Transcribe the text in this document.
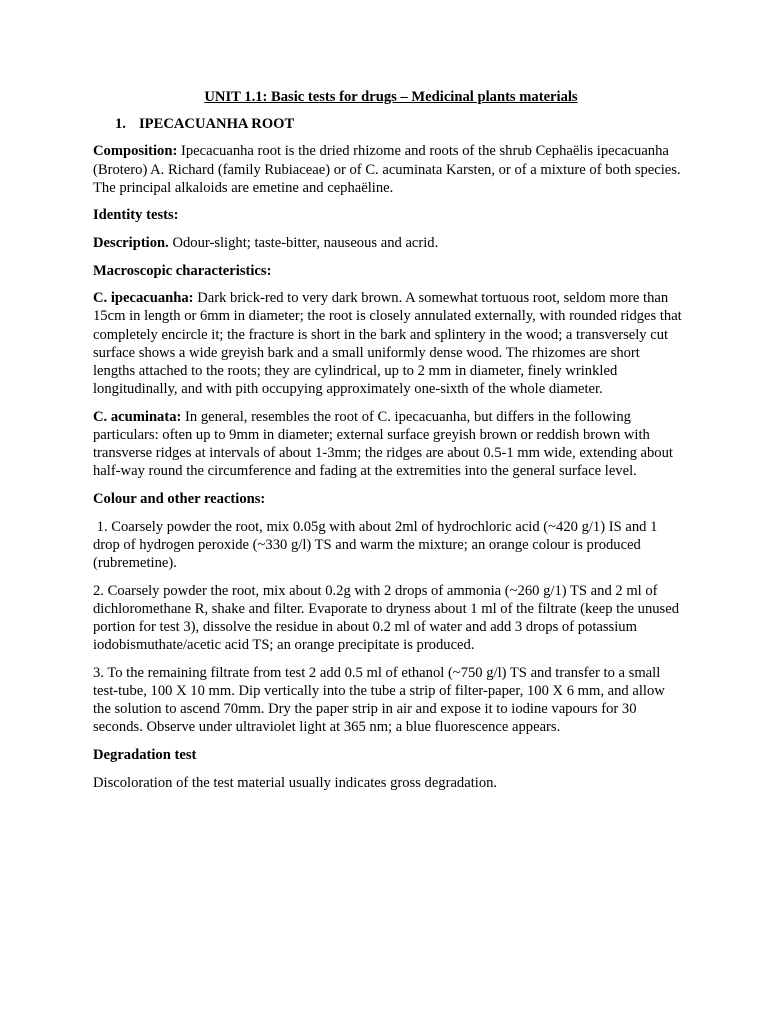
UNIT 1.1: Basic tests for drugs – Medicinal plants materials
1. IPECACUANHA ROOT

Composition: Ipecacuanha root is the dried rhizome and roots of the shrub Cephaëlis ipecacuanha (Brotero) A. Richard (family Rubiaceae) or of C. acuminata Karsten, or of a mixture of both species. The principal alkaloids are emetine and cephaëline.

Identity tests:

Description. Odour-slight; taste-bitter, nauseous and acrid.

Macroscopic characteristics:

C. ipecacuanha: Dark brick-red to very dark brown. A somewhat tortuous root, seldom more than 15cm in length or 6mm in diameter; the root is closely annulated externally, with rounded ridges that completely encircle it; the fracture is short in the bark and splintery in the wood; a transversely cut surface shows a wide greyish bark and a small uniformly dense wood. The rhizomes are short lengths attached to the roots; they are cylindrical, up to 2 mm in diameter, finely wrinkled longitudinally, and with pith occupying approximately one-sixth of the whole diameter.

C. acuminata: In general, resembles the root of C. ipecacuanha, but differs in the following particulars: often up to 9mm in diameter; external surface greyish brown or reddish brown with transverse ridges at intervals of about 1-3mm; the ridges are about 0.5-1 mm wide, extending about half-way round the circumference and fading at the extremities into the general surface level.

Colour and other reactions:

1. Coarsely powder the root, mix 0.05g with about 2ml of hydrochloric acid (~420 g/1) IS and 1 drop of hydrogen peroxide (~330 g/l) TS and warm the mixture; an orange colour is produced (rubremetine).

2. Coarsely powder the root, mix about 0.2g with 2 drops of ammonia (~260 g/1) TS and 2 ml of dichloromethane R, shake and filter. Evaporate to dryness about 1 ml of the filtrate (keep the unused portion for test 3), dissolve the residue in about 0.2 ml of water and add 3 drops of potassium iodobismuthate/acetic acid TS; an orange precipitate is produced.

3. To the remaining filtrate from test 2 add 0.5 ml of ethanol (~750 g/l) TS and transfer to a small test-tube, 100 X 10 mm. Dip vertically into the tube a strip of filter-paper, 100 X 6 mm, and allow the solution to ascend 70mm. Dry the paper strip in air and expose it to iodine vapours for 30 seconds. Observe under ultraviolet light at 365 nm; a blue fluorescence appears.

Degradation test

Discoloration of the test material usually indicates gross degradation.
